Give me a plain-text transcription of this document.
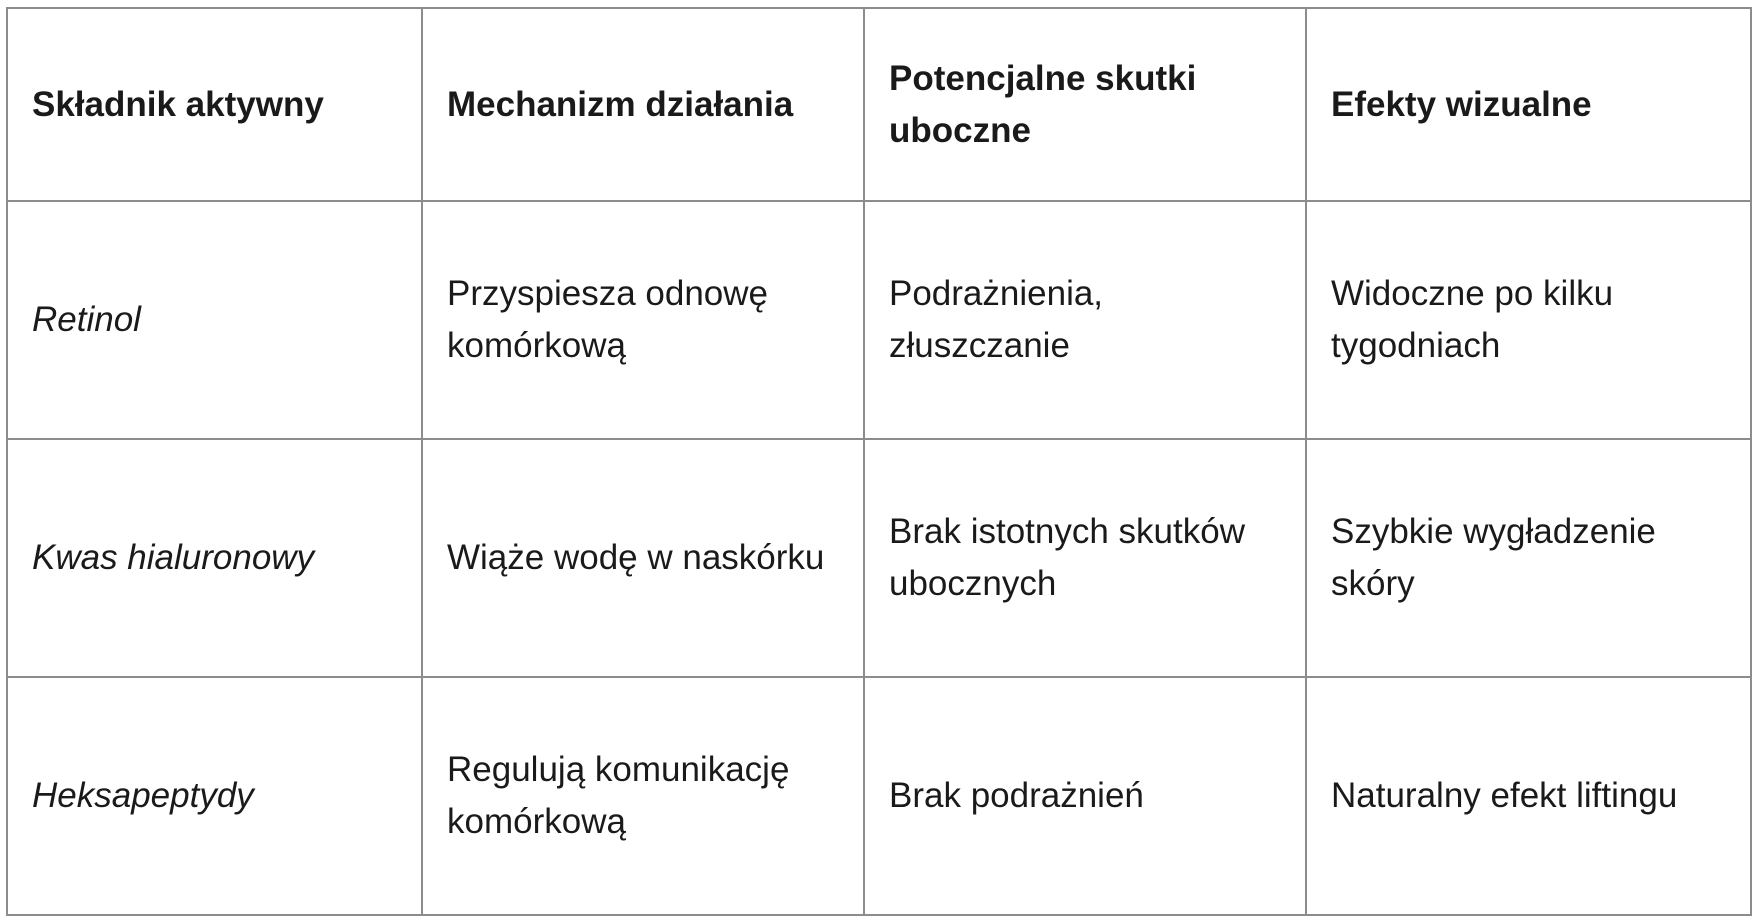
Składnik aktywny	Mechanizm działania	Potencjalne skutki uboczne	Efekty wizualne
Retinol	Przyspiesza odnowę komórkową	Podrażnienia, złuszczanie	Widoczne po kilku tygodniach
Kwas hialuronowy	Wiąże wodę w naskórku	Brak istotnych skutków ubocznych	Szybkie wygładzenie skóry
Heksapeptydy	Regulują komunikację komórkową	Brak podrażnień	Naturalny efekt liftingu
